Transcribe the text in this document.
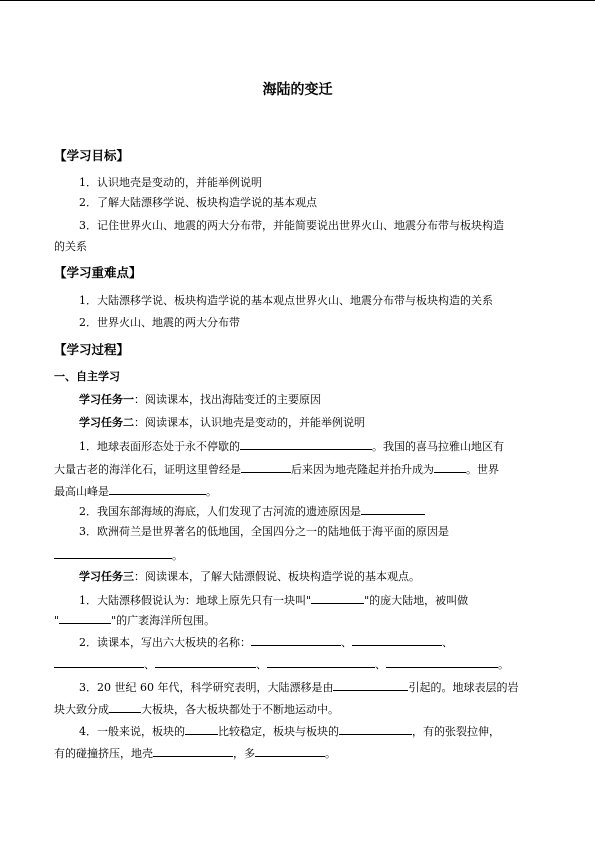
海陆的变迁
【学习目标】
1．认识地壳是变动的，并能举例说明
2．了解大陆漂移学说、板块构造学说的基本观点
3．记住世界火山、地震的两大分布带，并能简要说出世界火山、地震分布带与板块构造
的关系
【学习重难点】
1．大陆漂移学说、板块构造学说的基本观点世界火山、地震分布带与板块构造的关系
2．世界火山、地震的两大分布带
【学习过程】
一、自主学习
学习任务一：阅读课本，找出海陆变迁的主要原因
学习任务二：阅读课本，认识地壳是变动的，并能举例说明
1．地球表面形态处于永不停歇的	。我国的喜马拉雅山地区有
大量古老的海洋化石，证明这里曾经是	后来因为地壳隆起并抬升成为	。世界
最高山峰是	。
2．我国东部海域的海底，人们发现了古河流的遗迹原因是
3．欧洲荷兰是世界著名的低地国，全国四分之一的陆地低于海平面的原因是
。
学习任务三：阅读课本，了解大陆漂假说、板块构造学说的基本观点。
1．大陆漂移假说认为：地球上原先只有一块叫"	"的庞大陆地，被叫做
"	"的广袤海洋所包围。
2．读课本，写出六大板块的名称：	、	、
、	、	、	。
3．20 世纪 60 年代，科学研究表明，大陆漂移是由	引起的。地球表层的岩
块大致分成	大板块，各大板块都处于不断地运动中。
4．一般来说，板块的	比较稳定，板块与板块的	，有的张裂拉伸，
有的碰撞挤压，地壳	，多	。
